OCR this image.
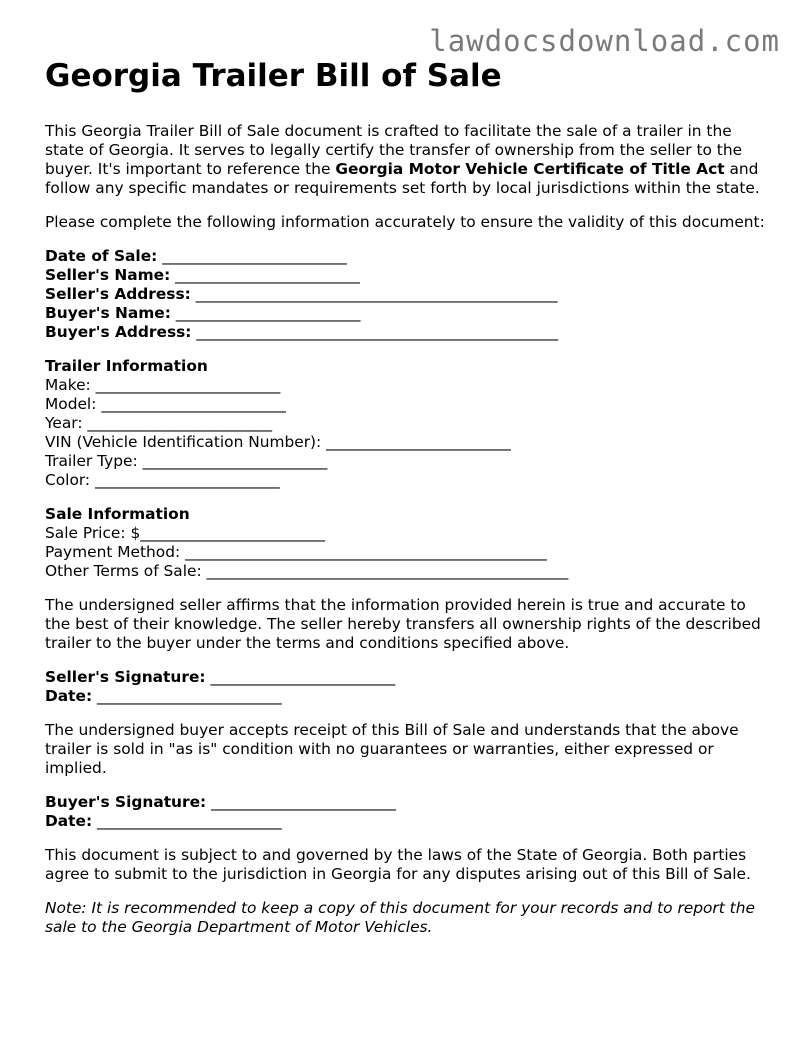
lawdocsdownload.com
Georgia Trailer Bill of Sale

This Georgia Trailer Bill of Sale document is crafted to facilitate the sale of a trailer in the state of Georgia. It serves to legally certify the transfer of ownership from the seller to the buyer. It's important to reference the Georgia Motor Vehicle Certificate of Title Act and follow any specific mandates or requirements set forth by local jurisdictions within the state.

Please complete the following information accurately to ensure the validity of this document:

Date of Sale: ________________________
Seller's Name: ________________________
Seller's Address: _______________________________________________
Buyer's Name: ________________________
Buyer's Address: _______________________________________________
Trailer Information
Make: ________________________
Model: ________________________
Year: ________________________
VIN (Vehicle Identification Number): ________________________
Trailer Type: ________________________
Color: ________________________
Sale Information
Sale Price: $________________________
Payment Method: _______________________________________________
Other Terms of Sale: _______________________________________________

The undersigned seller affirms that the information provided herein is true and accurate to the best of their knowledge. The seller hereby transfers all ownership rights of the described trailer to the buyer under the terms and conditions specified above.

Seller's Signature: ________________________
Date: ________________________

The undersigned buyer accepts receipt of this Bill of Sale and understands that the above trailer is sold in "as is" condition with no guarantees or warranties, either expressed or implied.

Buyer's Signature: ________________________
Date: ________________________

This document is subject to and governed by the laws of the State of Georgia. Both parties agree to submit to the jurisdiction in Georgia for any disputes arising out of this Bill of Sale.

Note: It is recommended to keep a copy of this document for your records and to report the sale to the Georgia Department of Motor Vehicles.
